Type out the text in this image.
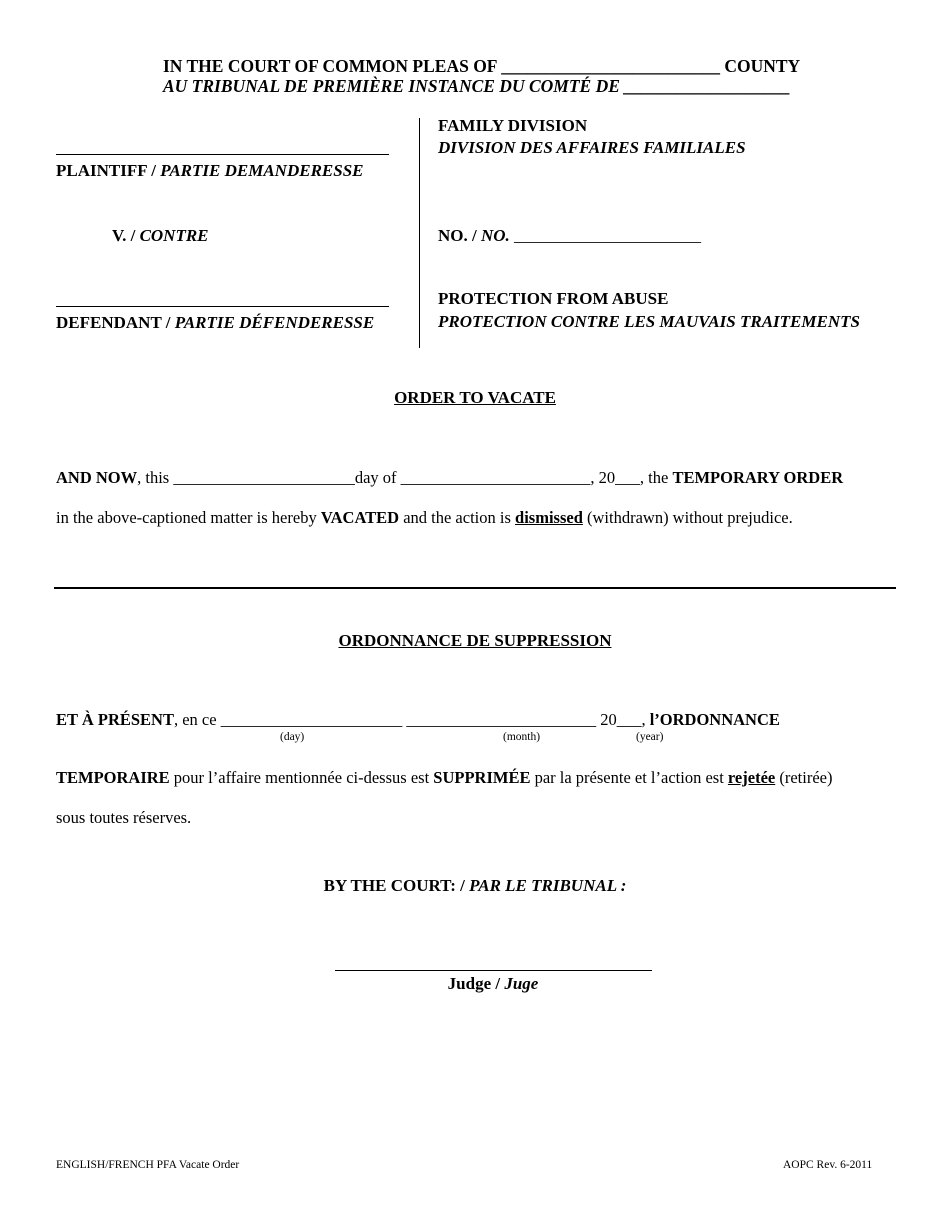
IN THE COURT OF COMMON PLEAS OF _________________________ COUNTY
AU TRIBUNAL DE PREMIÈRE INSTANCE DU COMTÉ DE ___________________
PLAINTIFF / PARTIE DEMANDERESSE
V. / CONTRE
DEFENDANT / PARTIE DÉFENDERESSE
FAMILY DIVISION
DIVISION DES AFFAIRES FAMILIALES
NO. / NO. ______________________
PROTECTION FROM ABUSE
PROTECTION CONTRE LES MAUVAIS TRAITEMENTS
ORDER TO VACATE
AND NOW, this ______________________day of _______________________, 20___, the TEMPORARY ORDER
in the above-captioned matter is hereby VACATED and the action is dismissed (withdrawn) without prejudice.
ORDONNANCE DE SUPPRESSION
ET À PRÉSENT, en ce ______________________ _______________________ 20___, l’ORDONNANCE
(day)	(month)	(year)
TEMPORAIRE pour l’affaire mentionnée ci-dessus est SUPPRIMÉE par la présente et l’action est rejetée (retirée)
sous toutes réserves.
BY THE COURT: / PAR LE TRIBUNAL :
Judge / Juge
ENGLISH/FRENCH PFA Vacate Order	AOPC Rev. 6-2011
